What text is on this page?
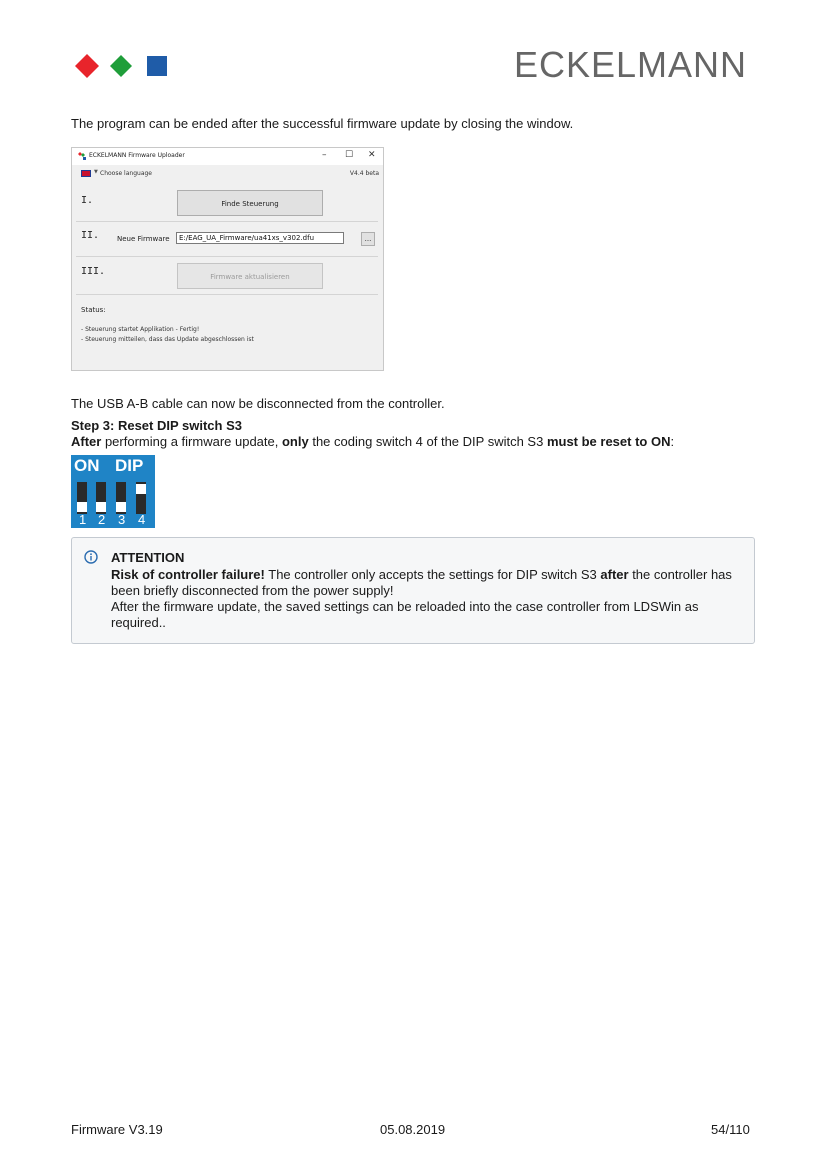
ECKELMANN
The program can be ended after the successful firmware update by closing the window.
ECKELMANN Firmware Uploader	– ☐ ✕
▼ Choose language	V4.4 beta
I.	Finde Steuerung
II.	Neue Firmware	E:/EAG_UA_Firmware/ua41xs_v302.dfu	...
III.	Firmware aktualisieren
Status:
- Steuerung startet Applikation - Fertig!
- Steuerung mitteilen, dass das Update abgeschlossen ist
The USB A-B cable can now be disconnected from the controller.
Step 3: Reset DIP switch S3
After performing a firmware update, only the coding switch 4 of the DIP switch S3 must be reset to ON:
ON DIP
1 2 3 4
ATTENTION
Risk of controller failure! The controller only accepts the settings for DIP switch S3 after the controller has been briefly disconnected from the power supply!
After the firmware update, the saved settings can be reloaded into the case controller from LDSWin as required..
Firmware V3.19	05.08.2019	54/110
